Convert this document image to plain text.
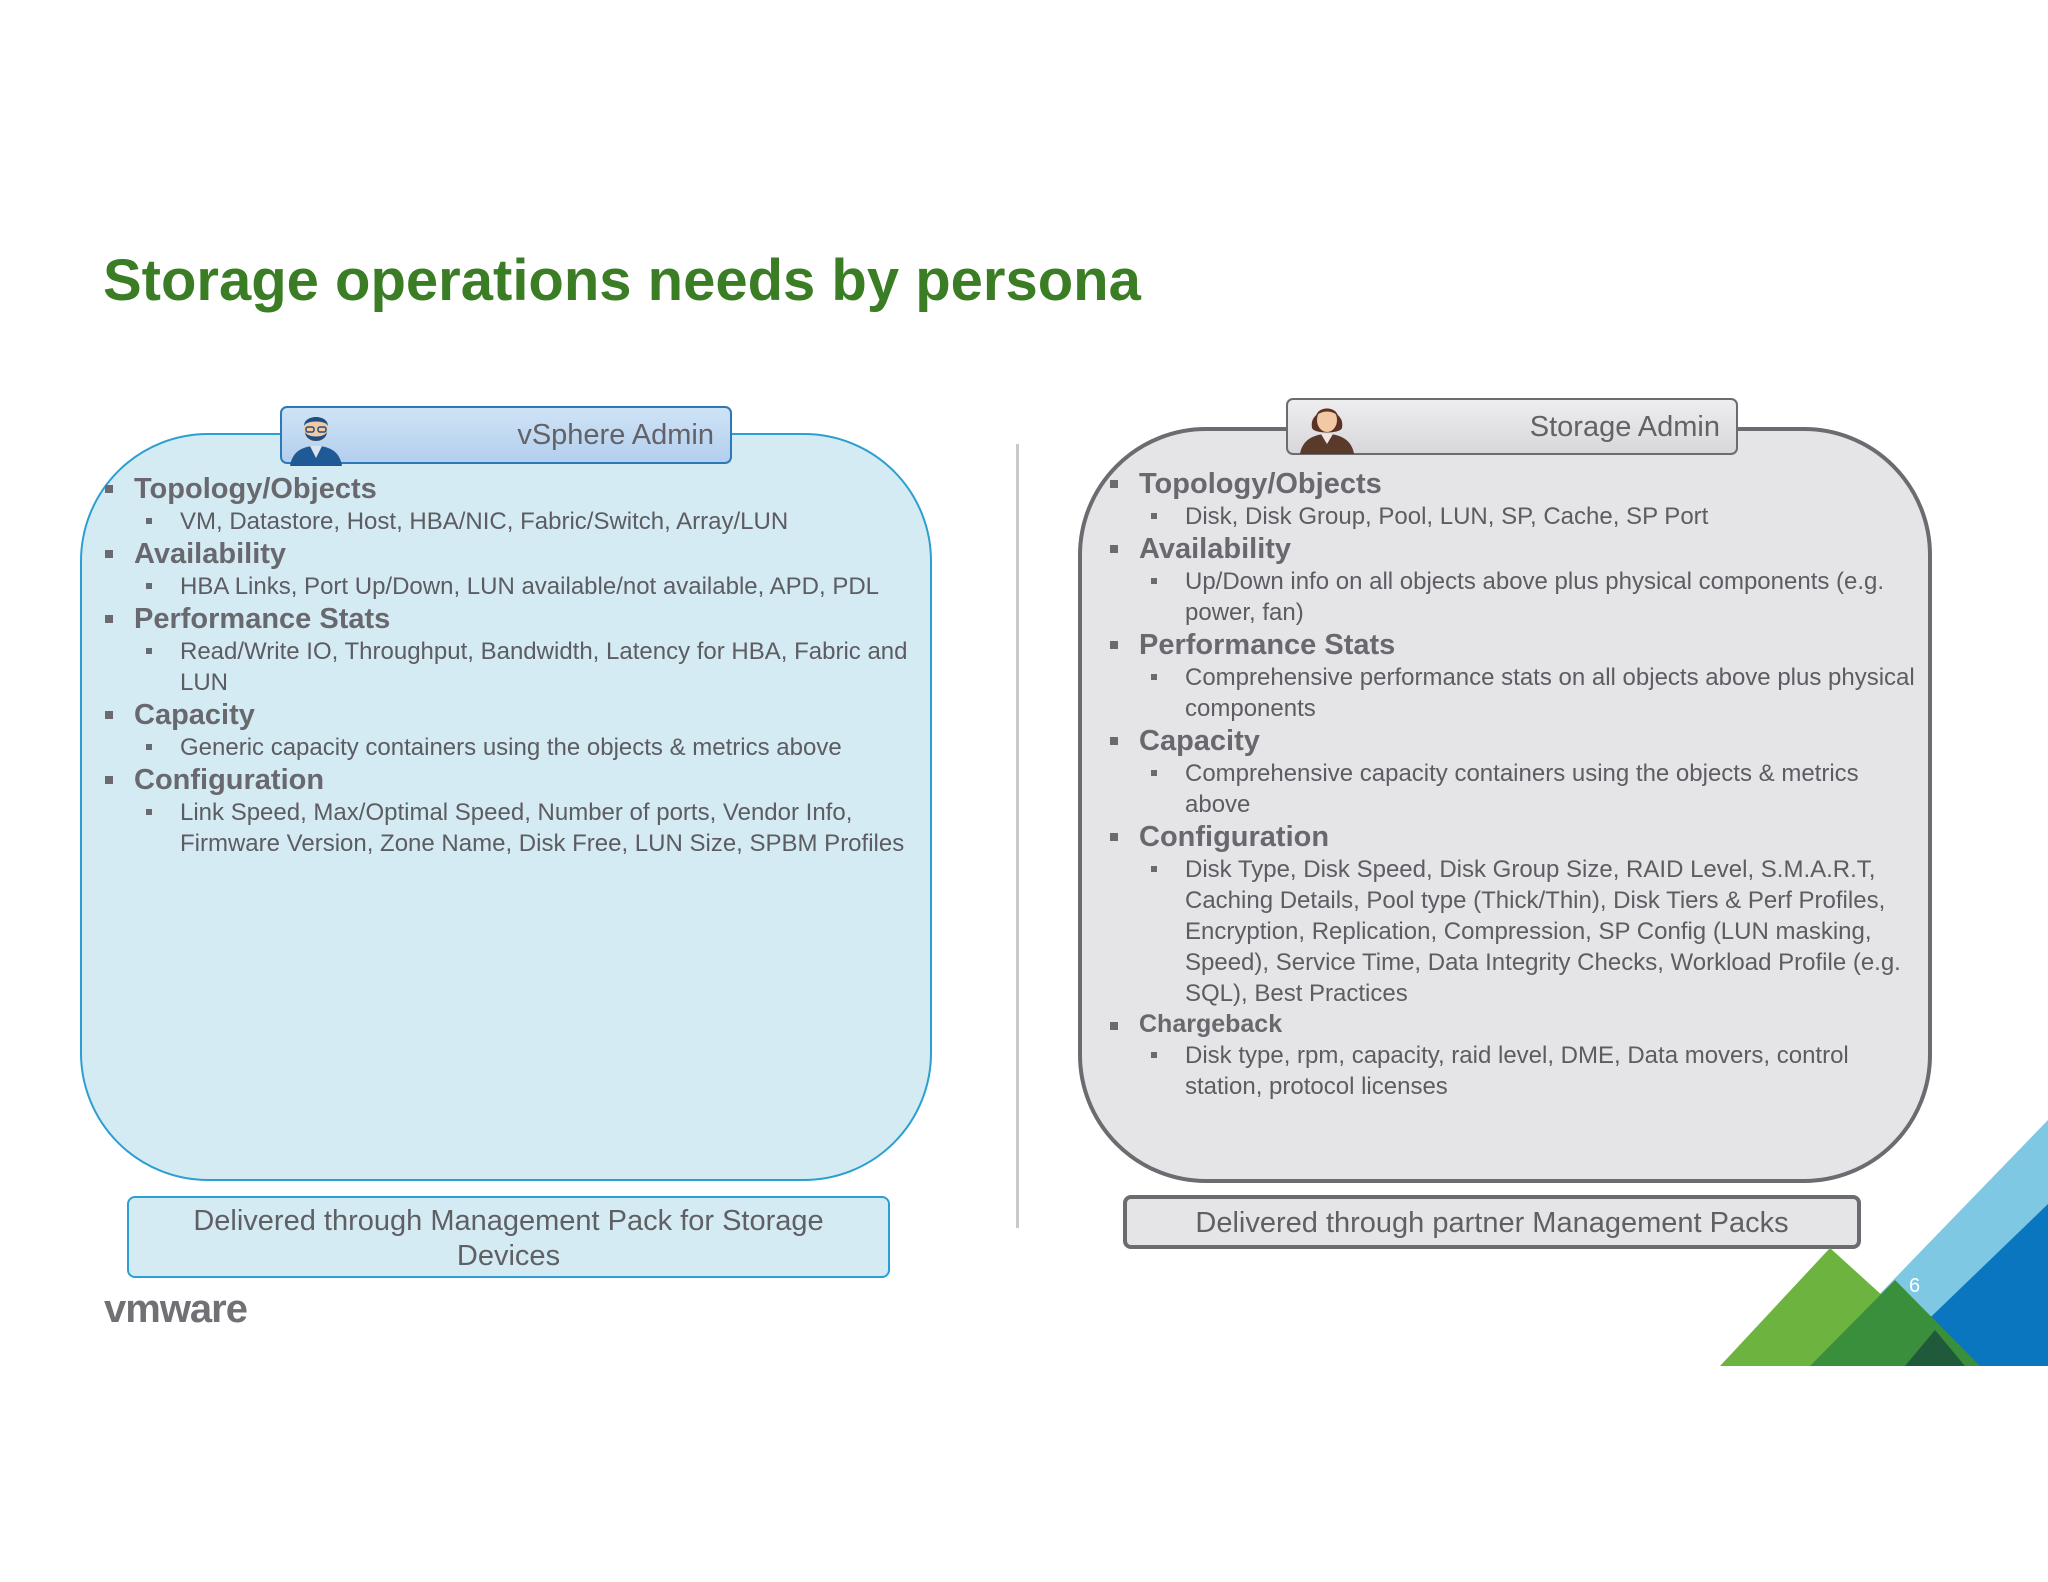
Storage operations needs by persona
Topology/Objects
VM, Datastore, Host, HBA/NIC, Fabric/Switch, Array/LUN
Availability
HBA Links, Port Up/Down, LUN available/not available, APD, PDL
Performance Stats
Read/Write IO, Throughput, Bandwidth, Latency for HBA, Fabric and LUN
Capacity
Generic capacity containers using the objects & metrics above
Configuration
Link Speed, Max/Optimal Speed, Number of ports, Vendor Info, Firmware Version, Zone Name, Disk Free, LUN Size, SPBM Profiles
vSphere Admin
Topology/Objects
Disk, Disk Group, Pool, LUN, SP, Cache, SP Port
Availability
Up/Down info on all objects above plus physical components (e.g. power, fan)
Performance Stats
Comprehensive performance stats on all objects above plus physical components
Capacity
Comprehensive capacity containers using the objects & metrics above
Configuration
Disk Type, Disk Speed, Disk Group Size, RAID Level, S.M.A.R.T, Caching Details, Pool type (Thick/Thin), Disk Tiers & Perf Profiles, Encryption, Replication, Compression, SP Config (LUN masking, Speed), Service Time, Data Integrity Checks, Workload Profile (e.g. SQL), Best Practices
Chargeback
Disk type, rpm, capacity, raid level, DME, Data movers, control station, protocol licenses
Storage Admin
Delivered through Management Pack for Storage Devices
Delivered through partner Management Packs
vmware
6
